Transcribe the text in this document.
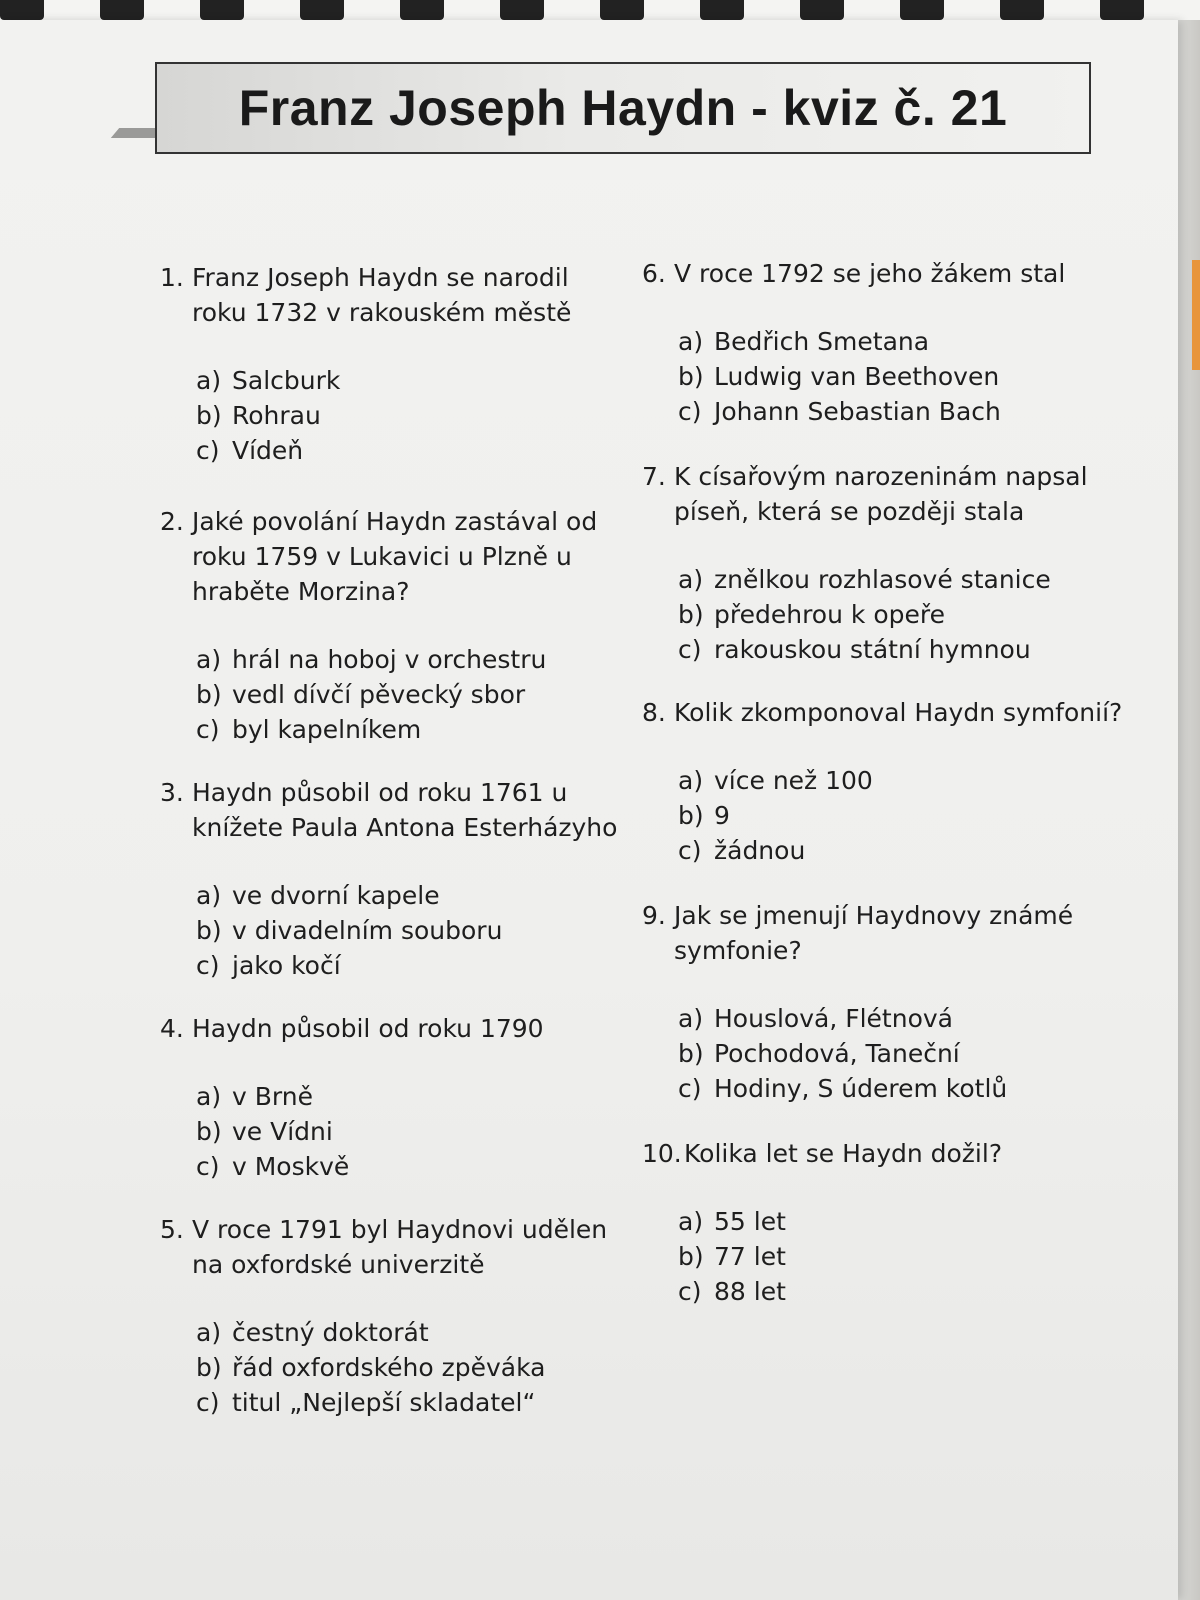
Franz Joseph Haydn - kviz č. 21
1. Franz Joseph Haydn se narodil roku 1732 v rakouském městě
a) Salcburk
b) Rohrau
c) Vídeň
2. Jaké povolání Haydn zastával od roku 1759 v Lukavici u Plzně u hraběte Morzina?
a) hrál na hoboj v orchestru
b) vedl dívčí pěvecký sbor
c) byl kapelníkem
3. Haydn působil od roku 1761 u knížete Paula Antona Esterházyho
a) ve dvorní kapele
b) v divadelním souboru
c) jako kočí
4. Haydn působil od roku 1790
a) v Brně
b) ve Vídni
c) v Moskvě
5. V roce 1791 byl Haydnovi udělen na oxfordské univerzitě
a) čestný doktorát
b) řád oxfordského zpěváka
c) titul „Nejlepší skladatel“
6. V roce 1792 se jeho žákem stal
a) Bedřich Smetana
b) Ludwig van Beethoven
c) Johann Sebastian Bach
7. K císařovým narozeninám napsal píseň, která se později stala
a) znělkou rozhlasové stanice
b) předehrou k opeře
c) rakouskou státní hymnou
8. Kolik zkomponoval Haydn symfonií?
a) více než 100
b) 9
c) žádnou
9. Jak se jmenují Haydnovy známé symfonie?
a) Houslová, Flétnová
b) Pochodová, Taneční
c) Hodiny, S úderem kotlů
10. Kolika let se Haydn dožil?
a) 55 let
b) 77 let
c) 88 let
